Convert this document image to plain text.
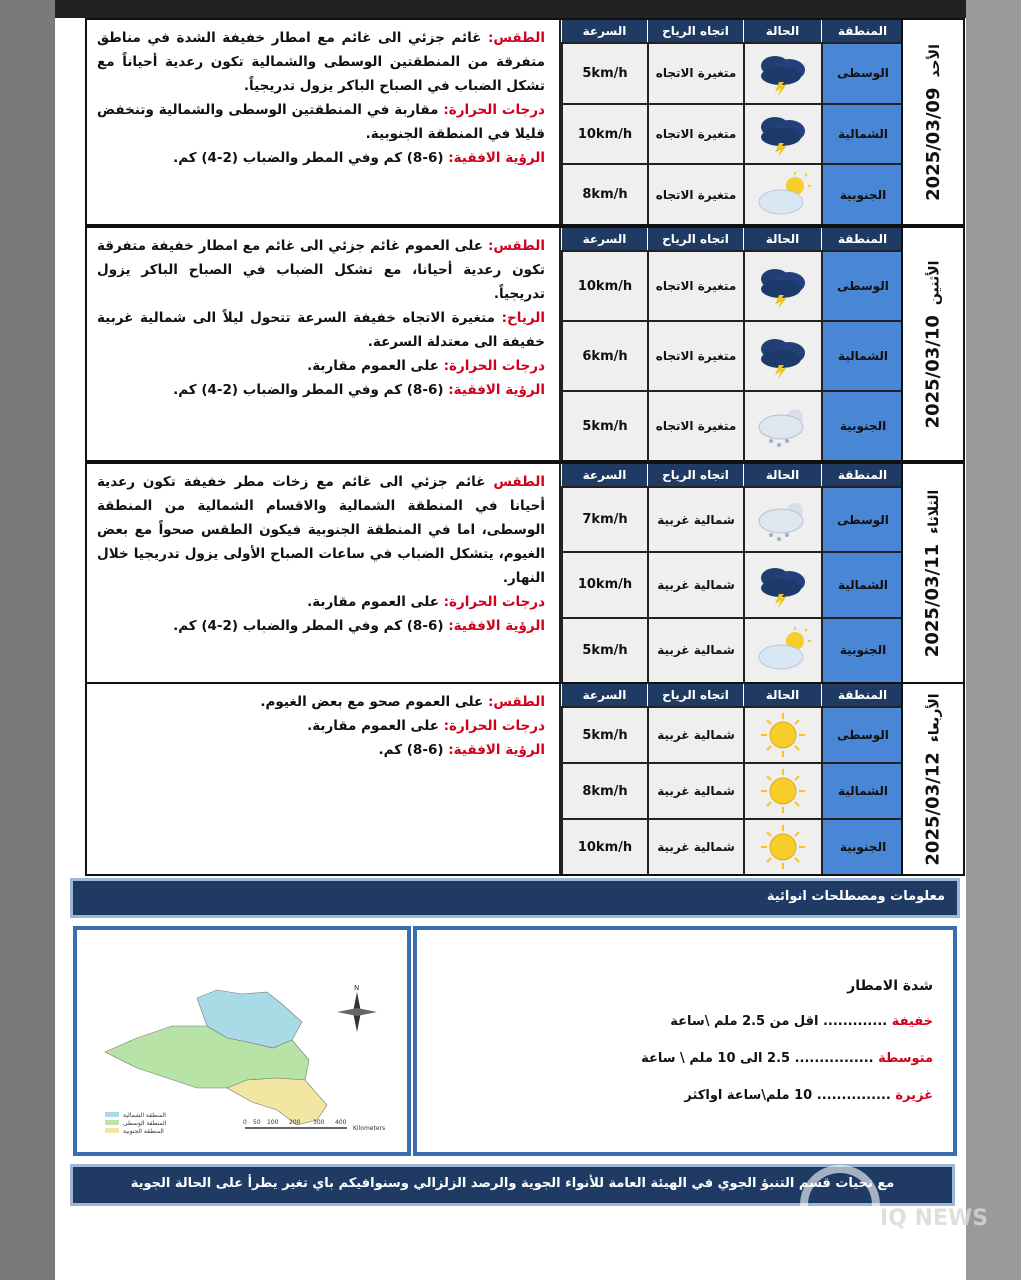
الطقس: غائم جزئي الى غائم مع امطار خفيفة الشدة في مناطق متفرقة من المنطقتين الوسطى والشمالية تكون رعدية أحياناً مع تشكل الضباب في الصباح الباكر يزول تدريجياً.

درجات الحرارة: مقاربة في المنطقتين الوسطى والشمالية وتنخفض قليلا في المنطقة الجنوبية.

الرؤية الافقية: (6-8) كم وفي المطر والضباب (2-4) كم.

السرعة	اتجاه الرياح	الحالة	المنطقة
5km/h	متغيرة الاتجاه	الوسطى
10km/h	متغيرة الاتجاه	الشمالية
8km/h	متغيرة الاتجاه	الجنوبية	2025/03/09الأحد

الطقس: على العموم غائم جزئي الى غائم مع امطار خفيفة متفرقة تكون رعدية أحيانا، مع تشكل الضباب في الصباح الباكر يزول تدريجياً.

الرياح: متغيرة الاتجاه خفيفة السرعة تتحول ليلاً الى شمالية غربية خفيفة الى معتدلة السرعة.

درجات الحرارة: على العموم مقاربة.

الرؤية الافقية: (6-8) كم وفي المطر والضباب (2-4) كم.

السرعة	اتجاه الرياح	الحالة	المنطقة
10km/h	متغيرة الاتجاه	الوسطى
6km/h	متغيرة الاتجاه	الشمالية
5km/h	متغيرة الاتجاه	الجنوبية	2025/03/10الأثنين

الطقس غائم جزئي الى غائم مع زخات مطر خفيفة تكون رعدية أحيانا في المنطقة الشمالية والاقسام الشمالية من المنطقة الوسطى، اما في المنطقة الجنوبية فيكون الطقس صحواً مع بعض الغيوم، يتشكل الضباب في ساعات الصباح الأولى يزول تدريجيا خلال النهار.

درجات الحرارة: على العموم مقاربة.

الرؤية الافقية: (6-8) كم وفي المطر والضباب (2-4) كم.

السرعة	اتجاه الرياح	الحالة	المنطقة
7km/h	شمالية غربية	الوسطى
10km/h	شمالية غربية	الشمالية
5km/h	شمالية غربية	الجنوبية	2025/03/11الثلاثاء

الطقس: على العموم صحو مع بعض الغيوم.

درجات الحرارة: على العموم مقاربة.

الرؤية الافقية: (6-8) كم.

السرعة	اتجاه الرياح	الحالة	المنطقة
5km/h	شمالية غربية	الوسطى
8km/h	شمالية غربية	الشمالية
10km/h	شمالية غربية	الجنوبية	2025/03/12الأربعاء
معلومات ومصطلحات انوائية
N
المنطقة الشمالية
المنطقة الوسطى
المنطقة الجنوبية
0 50 100 200 300 400
Kilometers
شدة الامطار
خفيفة ............. اقل من 2.5 ملم \ساعة
متوسطة ................ 2.5 الى 10 ملم \ ساعة
غزيرة ............... 10 ملم\ساعة اواكثر
مع تحيات قسم التنبؤ الجوي في الهيئة العامة للأنواء الجوية والرصد الزلزالي وسنوافيكم باي تغير يطرأ على الحالة الجوية
IQ NEWS
